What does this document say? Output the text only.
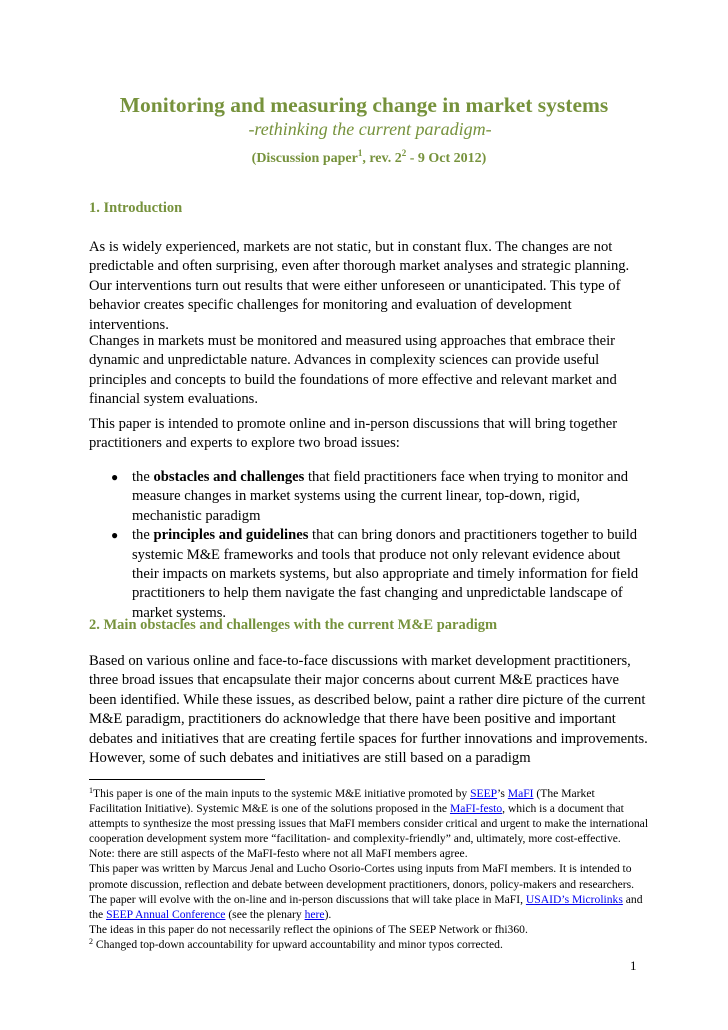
Monitoring and measuring change in market systems

-rethinking the current paradigm-

(Discussion paper$^1$, rev. $2^2 - 9$ Oct 2012)

1. Introduction

As is widely experienced, markets are not static, but in constant flux. The changes are not predictable and often surprising, even after thorough market analyses and strategic planning. Our interventions turn out results that were either unforeseen or unanticipated. This type of behavior creates specific challenges for monitoring and evaluation of development interventions.

Changes in markets must be monitored and measured using approaches that embrace their dynamic and unpredictable nature. Advances in complexity sciences can provide useful principles and concepts to build the foundations of more effective and relevant market and financial system evaluations.

This paper is intended to promote online and in-person discussions that will bring together practitioners and experts to explore two broad issues:

● the obstacles and challenges that field practitioners face when trying to monitor and measure changes in market systems using the current linear, top-down, rigid, mechanistic paradigm
● the principles and guidelines that can bring donors and practitioners together to build systemic M&E frameworks and tools that produce not only relevant evidence about their impacts on markets systems, but also appropriate and timely information for field practitioners to help them navigate the fast changing and unpredictable landscape of market systems.
2. Main obstacles and challenges with the current M&E paradigm

Based on various online and face-to-face discussions with market development practitioners, three broad issues that encapsulate their major concerns about current M&E practices have been identified. While these issues, as described below, paint a rather dire picture of the current M&E paradigm, practitioners do acknowledge that there have been positive and important debates and initiatives that are creating fertile spaces for further innovations and improvements. However, some of such debates and initiatives are still based on a paradigm

$^1$This paper is one of the main inputs to the systemic M&E initiative promoted by SEEP’s MaFI (The Market Facilitation Initiative). Systemic M&E is one of the solutions proposed in the MaFI-festo, which is a document that attempts to synthesize the most pressing issues that MaFI members consider critical and urgent to make the international cooperation development system more “facilitation- and complexity-friendly” and, ultimately, more cost-effective. Note: there are still aspects of the MaFI-festo where not all MaFI members agree.

This paper was written by Marcus Jenal and Lucho Osorio-Cortes using inputs from MaFI members. It is intended to promote discussion, reflection and debate between development practitioners, donors, policy-makers and researchers. The paper will evolve with the on-line and in-person discussions that will take place in MaFI, USAID’s Microlinks and the SEEP Annual Conference (see the plenary here).

The ideas in this paper do not necessarily reflect the opinions of The SEEP Network or fhi360.

$^2$ Changed top-down accountability for upward accountability and minor typos corrected.

1
